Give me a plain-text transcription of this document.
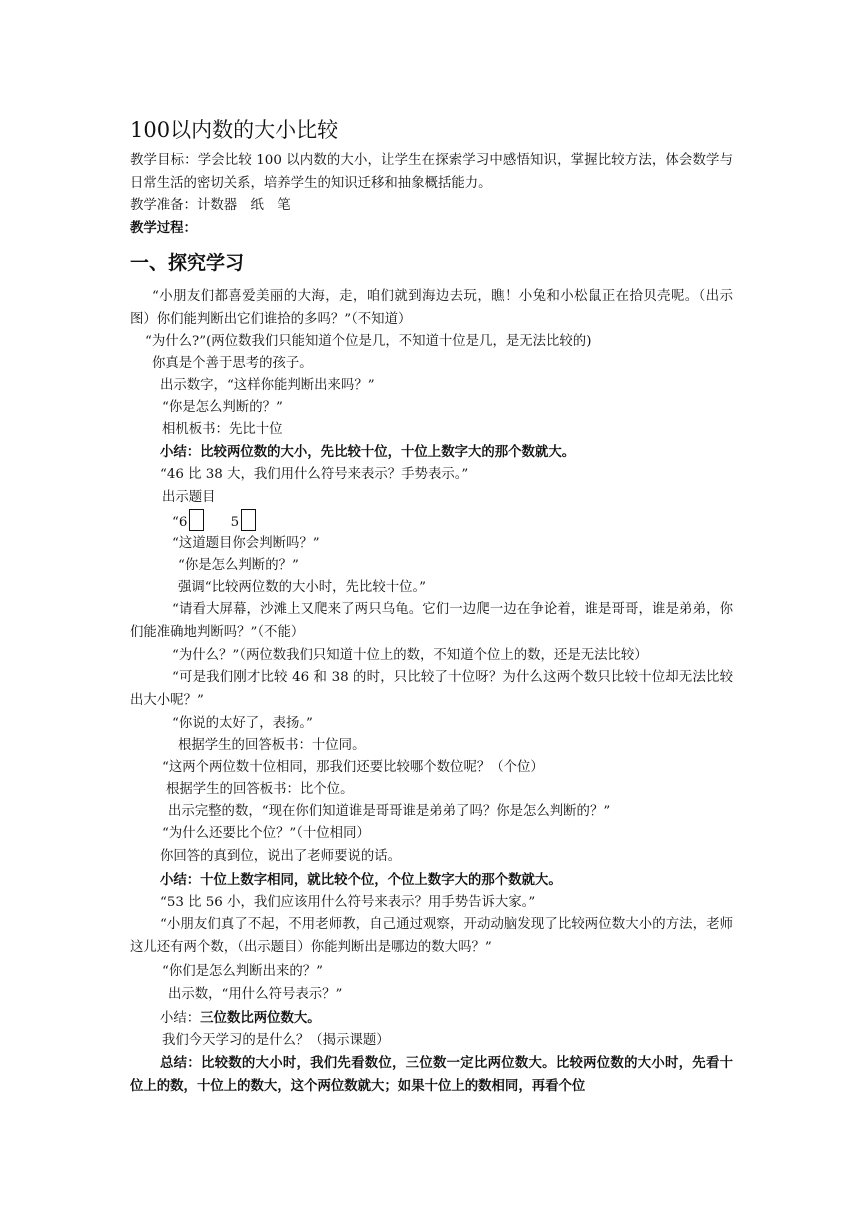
100以内数的大小比较
教学目标：学会比较 100 以内数的大小，让学生在探索学习中感悟知识，掌握比较方法，体会数学与日常生活的密切关系，培养学生的知识迁移和抽象概括能力。
教学准备：计数器　纸　笔
教学过程：
一、探究学习
“小朋友们都喜爱美丽的大海，走，咱们就到海边去玩，瞧！小兔和小松鼠正在拾贝壳呢。（出示图）你们能判断出它们谁拾的多吗？”（不知道）
“为什么?”(两位数我们只能知道个位是几，不知道十位是几，是无法比较的)
你真是个善于思考的孩子。
出示数字，“这样你能判断出来吗？”
“你是怎么判断的？”
相机板书：先比十位
小结：比较两位数的大小，先比较十位，十位上数字大的那个数就大。
“46 比 38 大，我们用什么符号来表示？手势表示。”
出示题目
“6	5
“这道题目你会判断吗？”
“你是怎么判断的？”
强调“比较两位数的大小时，先比较十位。”
“请看大屏幕，沙滩上又爬来了两只乌龟。它们一边爬一边在争论着，谁是哥哥，谁是弟弟，你们能准确地判断吗？”（不能）
“为什么？”（两位数我们只知道十位上的数，不知道个位上的数，还是无法比较）
“可是我们刚才比较 46 和 38 的时，只比较了十位呀？为什么这两个数只比较十位却无法比较出大小呢？”
“你说的太好了，表扬。”
根据学生的回答板书：十位同。
“这两个两位数十位相同，那我们还要比较哪个数位呢？（个位）
根据学生的回答板书：比个位。
出示完整的数，“现在你们知道谁是哥哥谁是弟弟了吗？你是怎么判断的？”
“为什么还要比个位？”（十位相同）
你回答的真到位，说出了老师要说的话。
小结：十位上数字相同，就比较个位，个位上数字大的那个数就大。
“53 比 56 小，我们应该用什么符号来表示？用手势告诉大家。”
“小朋友们真了不起，不用老师教，自己通过观察，开动动脑发现了比较两位数大小的方法，老师这儿还有两个数，（出示题目）你能判断出是哪边的数大吗？”
“你们是怎么判断出来的？”
出示数，“用什么符号表示？”
小结：三位数比两位数大。
我们今天学习的是什么？（揭示课题）
总结：比较数的大小时，我们先看数位，三位数一定比两位数大。比较两位数的大小时，先看十位上的数，十位上的数大，这个两位数就大；如果十位上的数相同，再看个位
